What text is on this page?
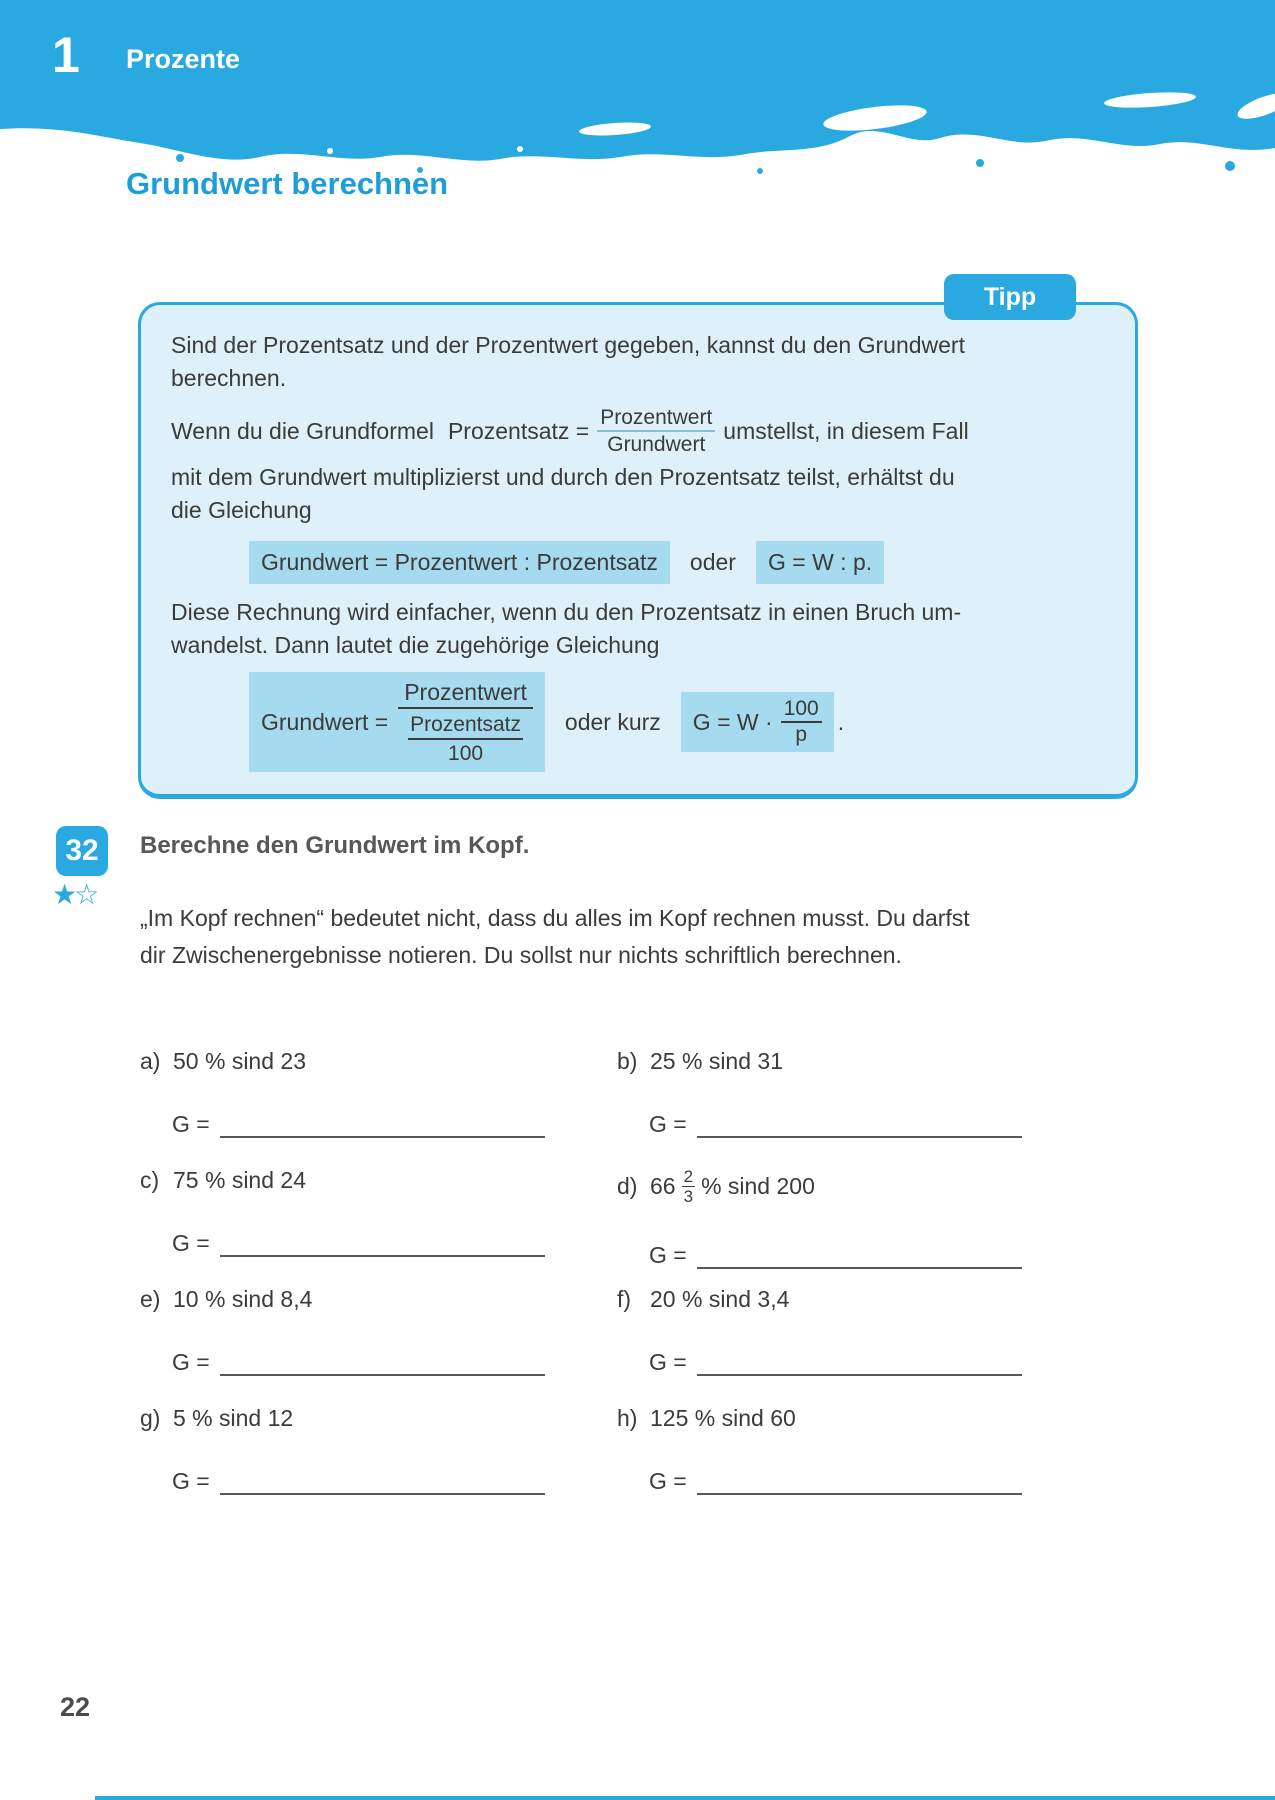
1 Prozente
Grundwert berechnen
Tipp
Sind der Prozentsatz und der Prozentwert gegeben, kannst du den Grundwert
berechnen.
Wenn du die Grundformel Prozentsatz = $\frac{\text{Prozentwert}}{\text{Grundwert}}$ umstellst, in diesem Fall
mit dem Grundwert multiplizierst und durch den Prozentsatz teilst, erhältst du
die Gleichung
Grundwert = Prozentwert : Prozentsatz	oder	G = W : p.
Diese Rechnung wird einfacher, wenn du den Prozentsatz in einen Bruch um-
wandelst. Dann lautet die zugehörige Gleichung
Grundwert =
Prozentwert
$\frac{\text{Prozentsatz}}{100}$ oder kurz $G = W \cdot \frac{100}{p}$ .
32
★☆
Berechne den Grundwert im Kopf.
„Im Kopf rechnen“ bedeutet nicht, dass du alles im Kopf rechnen musst. Du darfst
dir Zwischenergebnisse notieren. Du sollst nur nichts schriftlich berechnen.
a) 50 % sind 23
G =
b) 25 % sind 31
G =
c) 75 % sind 24
G =
d) $66 \frac{2}{3}$ % sind 200
G =
e) 10 % sind 8,4
G =
f) 20 % sind 3,4
G =
g) 5 % sind 12
G =
h) 125 % sind 60
G =
22
